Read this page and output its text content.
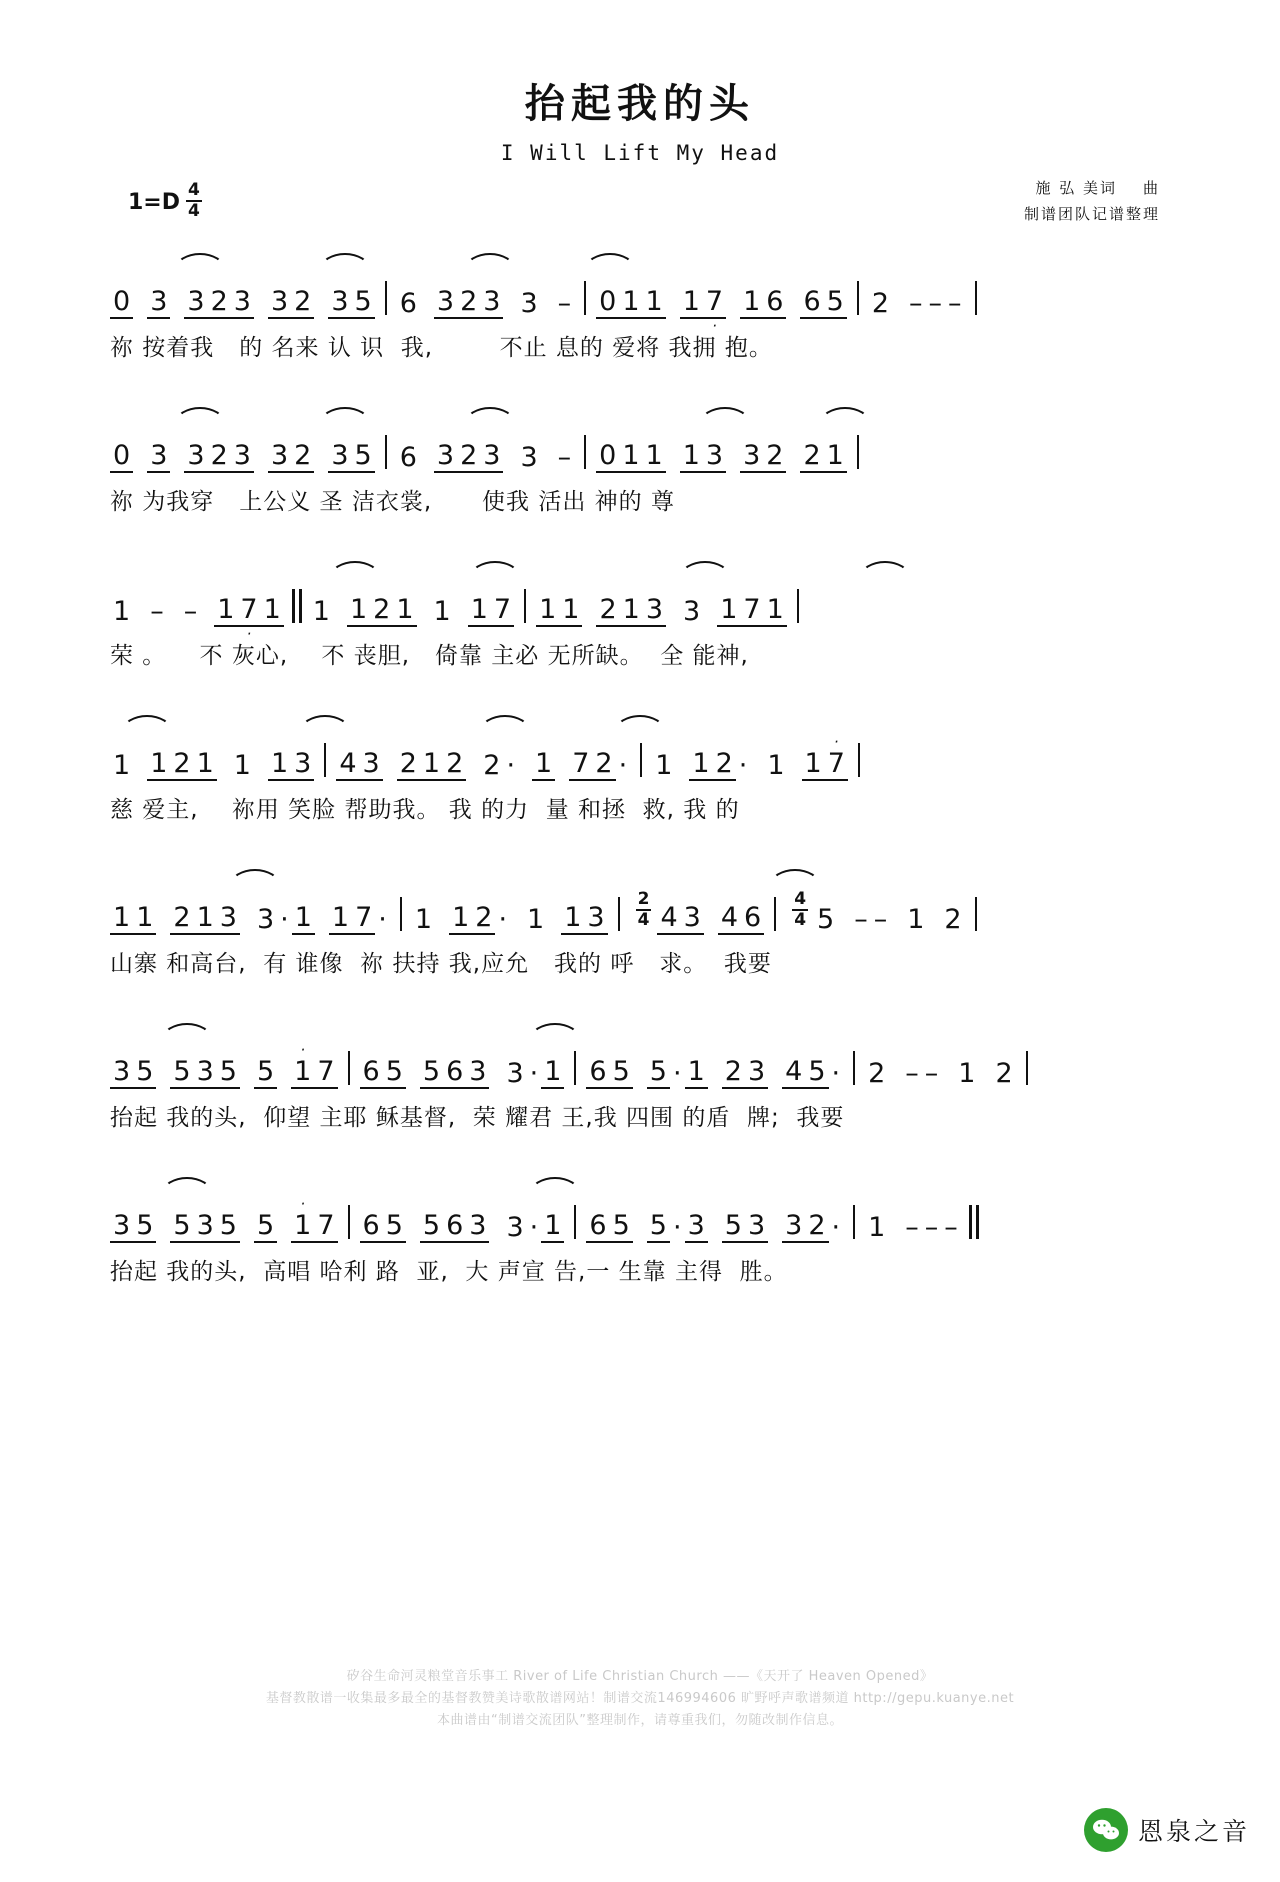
抬起我的头
I Will Lift My Head
$1=D \frac{4}{4}$	施 弘 美词 曲
制谱团队记谱整理
0 3 3 2 3 3 2 3 5 6 3 2 3 3 – 0 1 1 1 7
·
1 6 6 5 2 – – –
祢 按着我   的 名来 认 识  我,        不止 息的 爱将 我拥 抱。
0 3 3 2 3 3 2 3 5 6 3 2 3 3 – 0 1 1 1 3 3 2 2 1
祢 为我穿   上公义 圣 洁衣裳,      使我 活出 神的 尊
1 – – 1 7
·
1 1 1 2 1 1 1 7 1 1 2 1 3 3 1 7 1
荣 。    不 灰心,    不 丧胆,   倚靠 主必 无所缺。  全 能神,
1 1 2 1 1 1 3 4 3 2 1 2 2 · 1 7 2 · 1 1 2 · 1 1 7
·
慈 爱主,    祢用 笑脸 帮助我。 我 的力  量 和拯  救, 我 的
1 1 2 1 3 3 · 1 1 7 · 1 1 2 · 1 1 $3 \frac{2}{4} 4$ 3 4 $6 \frac{4}{4} 5$ – – 1 2
山寨 和高台,  有 谁像  祢 扶持 我,应允   我的 呼   求。  我要
3 5 5 3 5 5 1
·
7 6 5 5 6 3 3 · 1 6 5 5 · 1 2 3 4 5 · 2 – – 1 2
抬起 我的头,  仰望 主耶 稣基督,  荣 耀君 王,我 四围 的盾  牌;  我要
3 5 5 3 5 5 1
·
7 6 5 5 6 3 3 · 1 6 5 5 · 3 5 3 3 2 · 1 – – –
抬起 我的头,  高唱 哈利 路  亚,  大 声宣 告,一 生靠 主得  胜。
矽谷生命河灵粮堂音乐事工 River of Life Christian Church ——《天开了 Heaven Opened》
基督教散谱一收集最多最全的基督教赞美诗歌散谱网站！制谱交流146994606 旷野呼声歌谱频道 http://gepu.kuanye.net
本曲谱由“制谱交流团队”整理制作，请尊重我们，勿随改制作信息。
恩泉之音
